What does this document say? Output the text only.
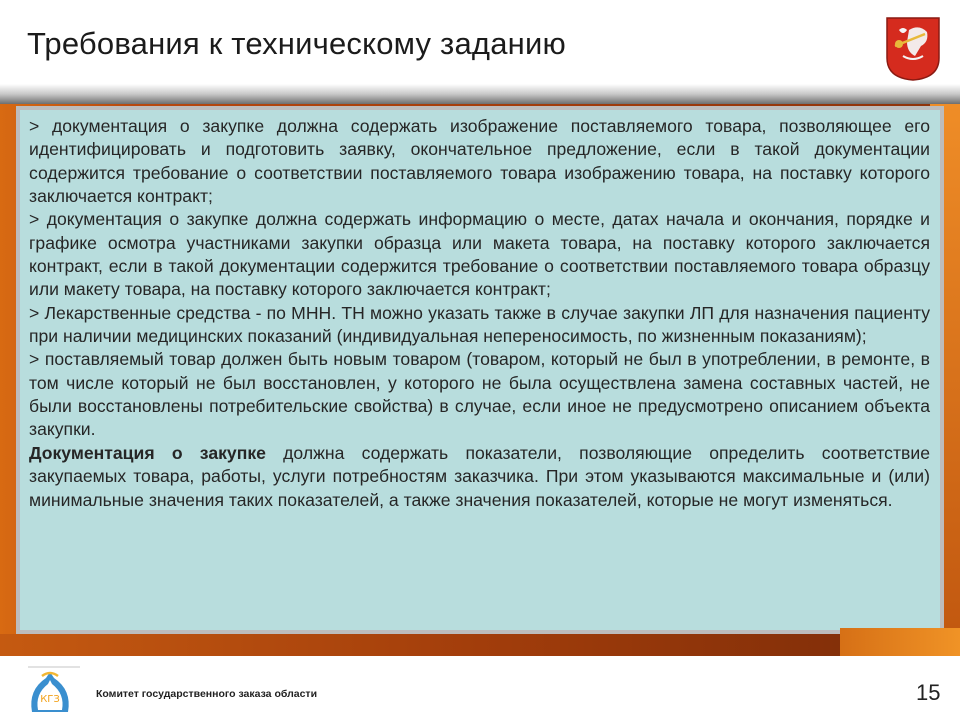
Требования к техническому заданию

> документация о закупке должна содержать изображение поставляемого товара, позволяющее его идентифицировать и подготовить заявку, окончательное предложение, если в такой документации содержится требование о соответствии поставляемого товара изображению товара, на поставку которого заключается контракт;

> документация о закупке должна содержать информацию о месте, датах начала и окончания, порядке и графике осмотра участниками закупки образца или макета товара, на поставку которого заключается контракт, если в такой документации содержится требование о соответствии поставляемого товара образцу или макету товара, на поставку которого заключается контракт;

> Лекарственные средства - по МНН. ТН можно указать также в случае закупки ЛП для назначения пациенту при наличии медицинских показаний (индивидуальная непереносимость, по жизненным показаниям);

> поставляемый товар должен быть новым товаром (товаром, который не был в употреблении, в ремонте, в том числе который не был восстановлен, у которого не была осуществлена замена составных частей, не были восстановлены потребительские свойства) в случае, если иное не предусмотрено описанием объекта закупки.

Документация о закупке должна содержать показатели, позволяющие определить соответствие закупаемых товара, работы, услуги потребностям заказчика. При этом указываются максимальные и (или) минимальные значения таких показателей, а также значения показателей, которые не могут изменяться.

КГЗ	Комитет государственного заказа области	15
